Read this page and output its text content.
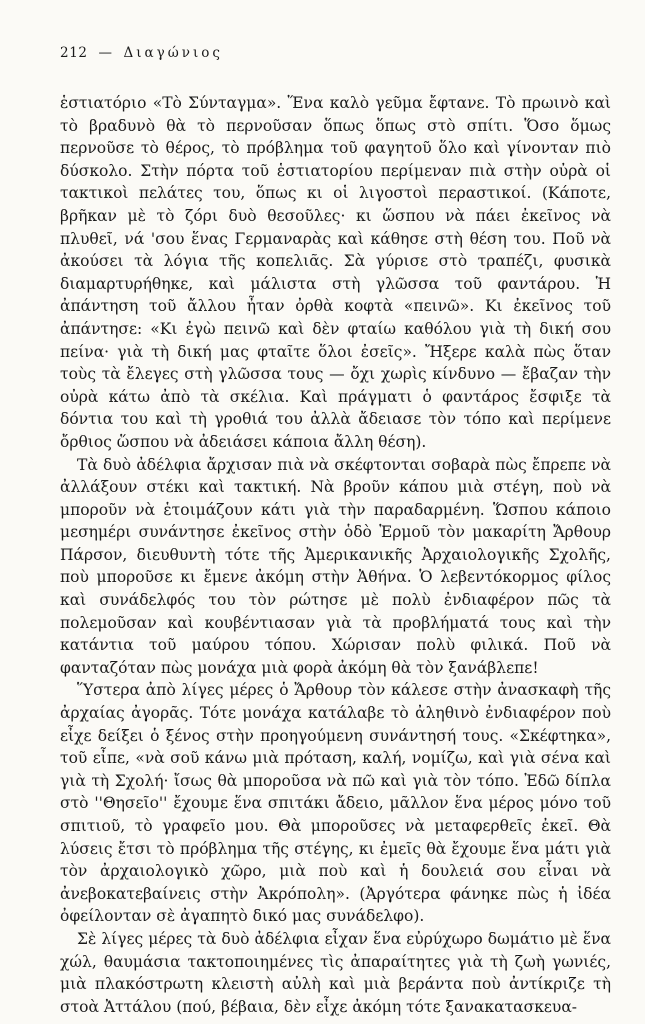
212 — Διαγώνιος

ἑστιατόριο «Τὸ Σύνταγμα». Ἕνα καλὸ γεῦμα ἔφτανε. Τὸ πρωινὸ καὶ τὸ βραδυνὸ θὰ τὸ περνοῦσαν ὅπως ὅπως στὸ σπίτι. Ὅσο ὅμως περνοῦσε τὸ θέρος, τὸ πρόβλημα τοῦ φαγητοῦ ὅλο καὶ γίνονταν πιὸ δύσκολο. Στὴν πόρτα τοῦ ἑστιατορίου περίμεναν πιὰ στὴν οὐρὰ οἱ τακτικοὶ πελάτες του, ὅπως κι οἱ λιγοστοὶ περαστικοί. (Κάποτε, βρῆκαν μὲ τὸ ζόρι δυὸ θεσοῦλες· κι ὥσπου νὰ πάει ἐκεῖνος νὰ πλυθεῖ, νά 'σου ἕνας Γερμαναρὰς καὶ κάθησε στὴ θέση του. Ποῦ νὰ ἀκούσει τὰ λόγια τῆς κοπελιᾶς. Σὰ γύρισε στὸ τραπέζι, φυσικὰ διαμαρτυρήθηκε, καὶ μάλιστα στὴ γλῶσσα τοῦ φαντάρου. Ἡ ἀπάντηση τοῦ ἄλλου ἦταν ὀρθὰ κοφτὰ «πεινῶ». Κι ἐκεῖνος τοῦ ἀπάντησε: «Κι ἐγὼ πεινῶ καὶ δὲν φταίω καθόλου γιὰ τὴ δική σου πείνα· γιὰ τὴ δική μας φταῖτε ὅλοι ἐσεῖς». Ἤξερε καλὰ πὼς ὅταν τοὺς τὰ ἔλεγες στὴ γλῶσσα τους — ὄχι χωρὶς κίνδυνο — ἔβαζαν τὴν οὐρὰ κάτω ἀπὸ τὰ σκέλια. Καὶ πράγματι ὁ φαντάρος ἔσφιξε τὰ δόντια του καὶ τὴ γροθιά του ἀλλὰ ἄδειασε τὸν τόπο καὶ περίμενε ὄρθιος ὥσπου νὰ ἀδειάσει κάποια ἄλλη θέση).

Τὰ δυὸ ἀδέλφια ἄρχισαν πιὰ νὰ σκέφτονται σοβαρὰ πὼς ἔπρεπε νὰ ἀλλάξουν στέκι καὶ τακτική. Νὰ βροῦν κάπου μιὰ στέγη, ποὺ νὰ μποροῦν νὰ ἑτοιμάζουν κάτι γιὰ τὴν παραδαρμένη. Ὥσπου κάποιο μεσημέρι συνάντησε ἐκεῖνος στὴν ὁδὸ Ἑρμοῦ τὸν μακαρίτη Ἄρθουρ Πάρσον, διευθυντὴ τότε τῆς Ἀμερικανικῆς Ἀρχαιολογικῆς Σχολῆς, ποὺ μποροῦσε κι ἔμενε ἀκόμη στὴν Ἀθήνα. Ὁ λεβεντόκορμος φίλος καὶ συνάδελφός του τὸν ρώτησε μὲ πολὺ ἐνδιαφέρον πῶς τὰ πολεμοῦσαν καὶ κουβέντιασαν γιὰ τὰ προβλήματά τους καὶ τὴν κατάντια τοῦ μαύρου τόπου. Χώρισαν πολὺ φιλικά. Ποῦ νὰ φανταζόταν πὼς μονάχα μιὰ φορὰ ἀκόμη θὰ τὸν ξανάβλεπε!

Ὕστερα ἀπὸ λίγες μέρες ὁ Ἄρθουρ τὸν κάλεσε στὴν ἀνασκαφὴ τῆς ἀρχαίας ἀγορᾶς. Τότε μονάχα κατάλαβε τὸ ἀληθινὸ ἐνδιαφέρον ποὺ εἶχε δείξει ὁ ξένος στὴν προηγούμενη συνάντησή τους. «Σκέφτηκα», τοῦ εἶπε, «νὰ σοῦ κάνω μιὰ πρόταση, καλή, νομίζω, καὶ γιὰ σένα καὶ γιὰ τὴ Σχολή· ἴσως θὰ μποροῦσα νὰ πῶ καὶ γιὰ τὸν τόπο. Ἐδῶ δίπλα στὸ ''Θησεῖο'' ἔχουμε ἕνα σπιτάκι ἄδειο, μᾶλλον ἕνα μέρος μόνο τοῦ σπιτιοῦ, τὸ γραφεῖο μου. Θὰ μποροῦσες νὰ μεταφερθεῖς ἐκεῖ. Θὰ λύσεις ἔτσι τὸ πρόβλημα τῆς στέγης, κι ἐμεῖς θὰ ἔχουμε ἕνα μάτι γιὰ τὸν ἀρχαιολογικὸ χῶρο, μιὰ ποὺ καὶ ἡ δουλειά σου εἶναι νὰ ἀνεβοκατεβαίνεις στὴν Ἀκρόπολη». (Ἀργότερα φάνηκε πὼς ἡ ἰδέα ὀφείλονταν σὲ ἀγαπητὸ δικό μας συνάδελφο).

Σὲ λίγες μέρες τὰ δυὸ ἀδέλφια εἶχαν ἕνα εὐρύχωρο δωμάτιο μὲ ἕνα χώλ, θαυμάσια τακτοποιημένες τὶς ἀπαραίτητες γιὰ τὴ ζωὴ γωνιές, μιὰ πλακόστρωτη κλειστὴ αὐλὴ καὶ μιὰ βεράντα ποὺ ἀντίκριζε τὴ στοὰ Ἀττάλου (πού, βέβαια, δὲν εἶχε ἀκόμη τότε ξανακατασκευα-
